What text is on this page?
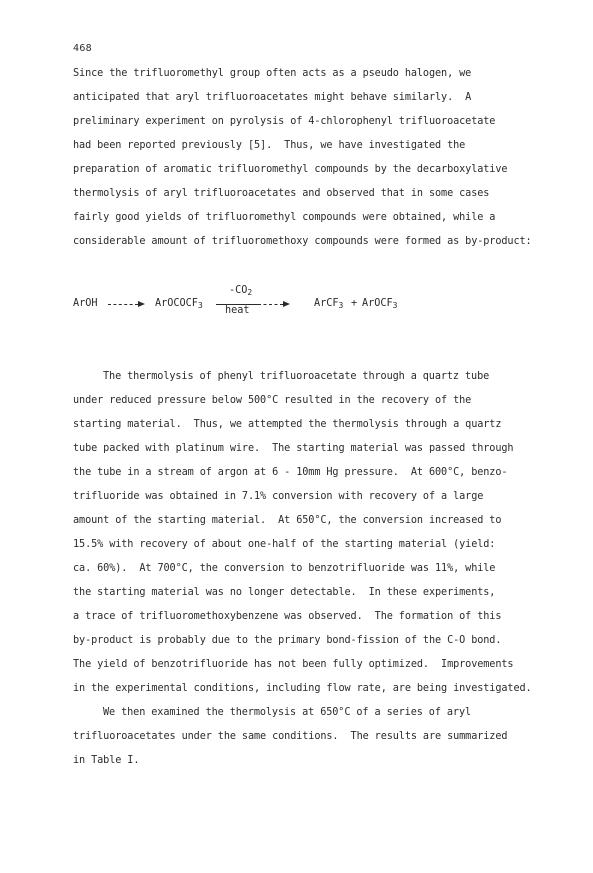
468
Since the trifluoromethyl group often acts as a pseudo halogen, we
anticipated that aryl trifluoroacetates might behave similarly.  A
preliminary experiment on pyrolysis of 4-chlorophenyl trifluoroacetate
had been reported previously [5].  Thus, we have investigated the
preparation of aromatic trifluoromethyl compounds by the decarboxylative
thermolysis of aryl trifluoroacetates and observed that in some cases
fairly good yields of trifluoromethyl compounds were obtained, while a
considerable amount of trifluoromethoxy compounds were formed as by-product:
ArOH	ArOCOCF 3
-CO 2
heat
ArCF 3 + ArOCF 3
The thermolysis of phenyl trifluoroacetate through a quartz tube
under reduced pressure below 500°C resulted in the recovery of the
starting material.  Thus, we attempted the thermolysis through a quartz
tube packed with platinum wire.  The starting material was passed through
the tube in a stream of argon at 6 - 10mm Hg pressure.  At 600°C, benzo-
trifluoride was obtained in 7.1% conversion with recovery of a large
amount of the starting material.  At 650°C, the conversion increased to
15.5% with recovery of about one-half of the starting material (yield:
ca. 60%).  At 700°C, the conversion to benzotrifluoride was 11%, while
the starting material was no longer detectable.  In these experiments,
a trace of trifluoromethoxybenzene was observed.  The formation of this
by-product is probably due to the primary bond-fission of the C-O bond.
The yield of benzotrifluoride has not been fully optimized.  Improvements
in the experimental conditions, including flow rate, are being investigated.
We then examined the thermolysis at 650°C of a series of aryl
trifluoroacetates under the same conditions.  The results are summarized
in Table I.
